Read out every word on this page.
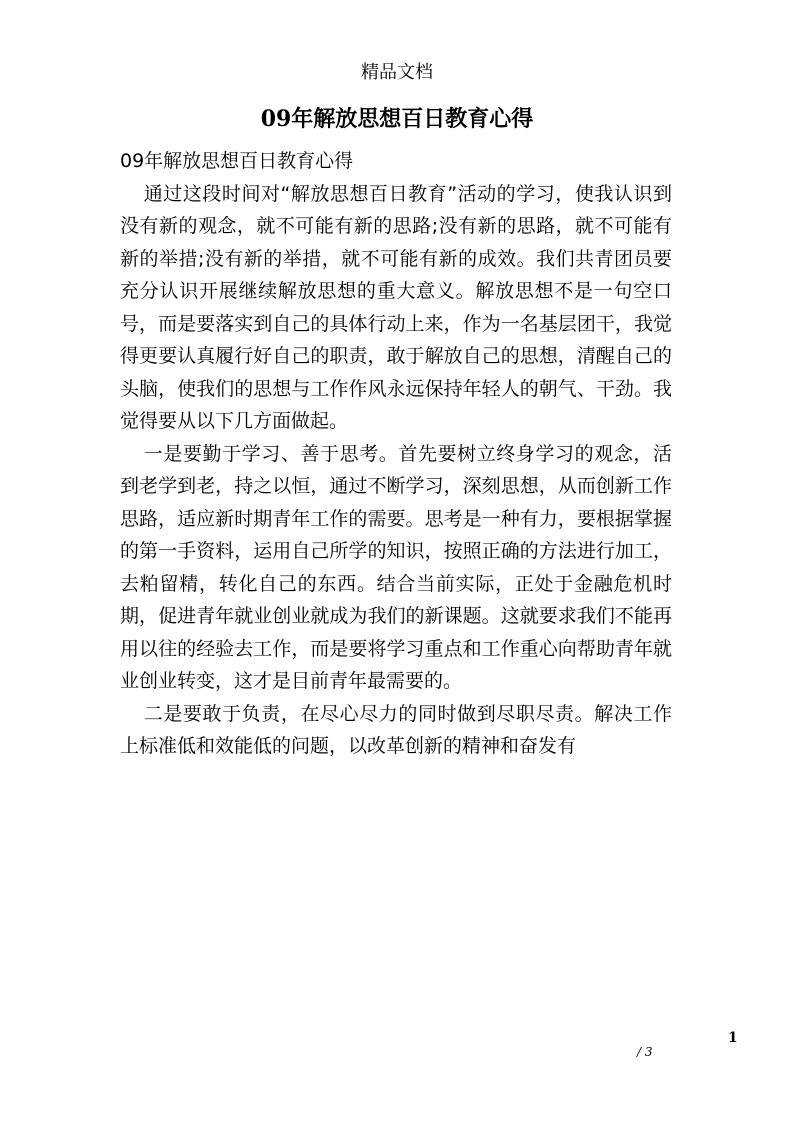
精品文档
09年解放思想百日教育心得
09年解放思想百日教育心得

通过这段时间对“解放思想百日教育”活动的学习，使我认识到没有新的观念，就不可能有新的思路;没有新的思路，就不可能有新的举措;没有新的举措，就不可能有新的成效。我们共青团员要充分认识开展继续解放思想的重大意义。解放思想不是一句空口号，而是要落实到自己的具体行动上来，作为一名基层团干，我觉得更要认真履行好自己的职责，敢于解放自己的思想，清醒自己的头脑，使我们的思想与工作作风永远保持年轻人的朝气、干劲。我觉得要从以下几方面做起。

一是要勤于学习、善于思考。首先要树立终身学习的观念，活到老学到老，持之以恒，通过不断学习，深刻思想，从而创新工作思路，适应新时期青年工作的需要。思考是一种有力，要根据掌握的第一手资料，运用自己所学的知识，按照正确的方法进行加工，去粕留精，转化自己的东西。结合当前实际，正处于金融危机时期，促进青年就业创业就成为我们的新课题。这就要求我们不能再用以往的经验去工作，而是要将学习重点和工作重心向帮助青年就业创业转变，这才是目前青年最需要的。

二是要敢于负责，在尽心尽力的同时做到尽职尽责。解决工作上标准低和效能低的问题，以改革创新的精神和奋发有

1
/ 3
